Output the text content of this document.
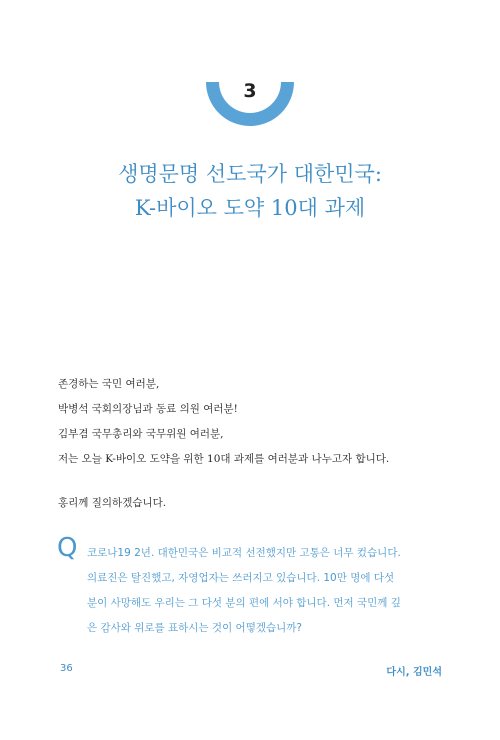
3
생명문명 선도국가 대한민국:
K-바이오 도약 10대 과제
존경하는 국민 여러분,
박병석 국회의장님과 동료 의원 여러분!
김부겸 국무총리와 국무위원 여러분,
저는 오늘 K-바이오 도약을 위한 10대 과제를 여러분과 나누고자 합니다.
홍리께 질의하겠습니다.
Q 코로나19 2년. 대한민국은 비교적 선전했지만 고통은 너무 컸습니다.
의료진은 탈진했고, 자영업자는 쓰러지고 있습니다. 10만 명에 다섯
분이 사망해도 우리는 그 다섯 분의 편에 서야 합니다. 먼저 국민께 깊
은 감사와 위로를 표하시는 것이 어떻겠습니까?
36	다시, 김민석
